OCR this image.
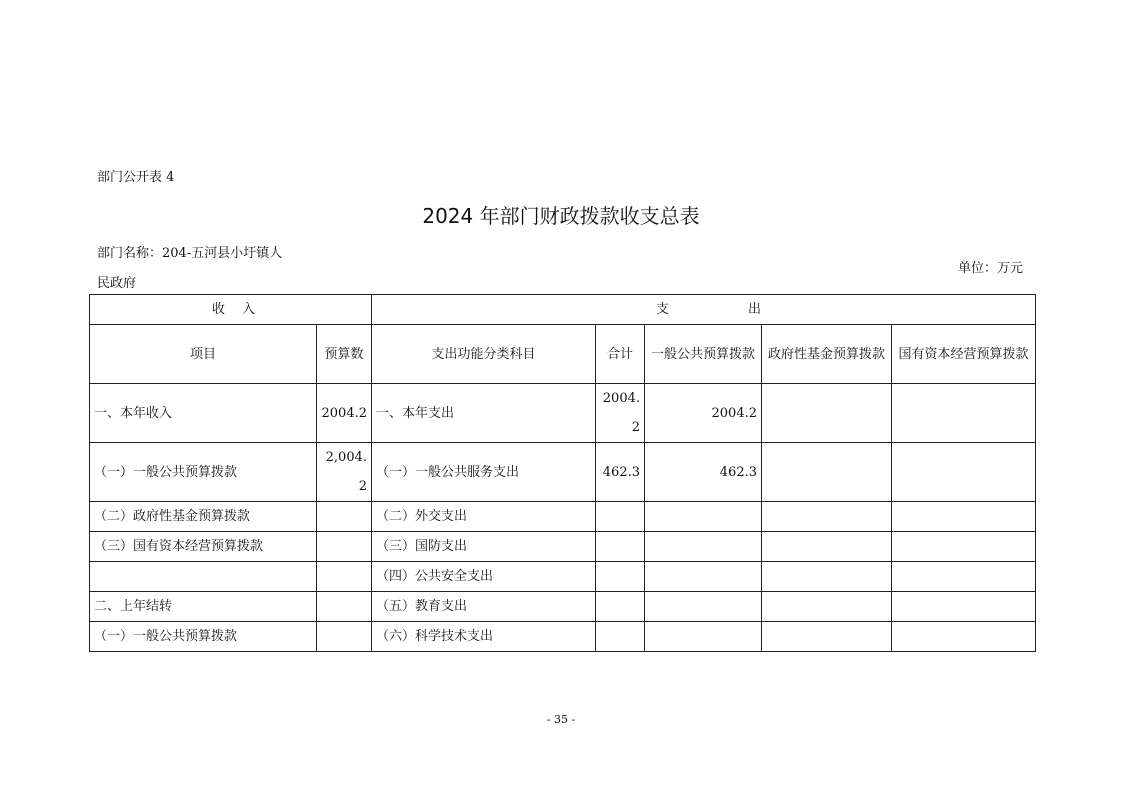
部门公开表 4
2024 年部门财政拨款收支总表
部门名称：204-五河县小圩镇人
民政府
单位：万元
收 入		支 出				

项目	预算数	支出功能分类科目	合计	一般公共预算拨款	政府性基金预算拨款	国有资本经营预算拨款
一、本年收入	2004.2	一、本年支出	2004.2	2004.2		
（一）一般公共预算拨款	2,004.2	（一）一般公共服务支出	462.3	462.3		
（二）政府性基金预算拨款		（二）外交支出				
（三）国有资本经营预算拨款		（三）国防支出				
		（四）公共安全支出				
二、上年结转		（五）教育支出				
（一）一般公共预算拨款		（六）科学技术支出				
- 35 -
